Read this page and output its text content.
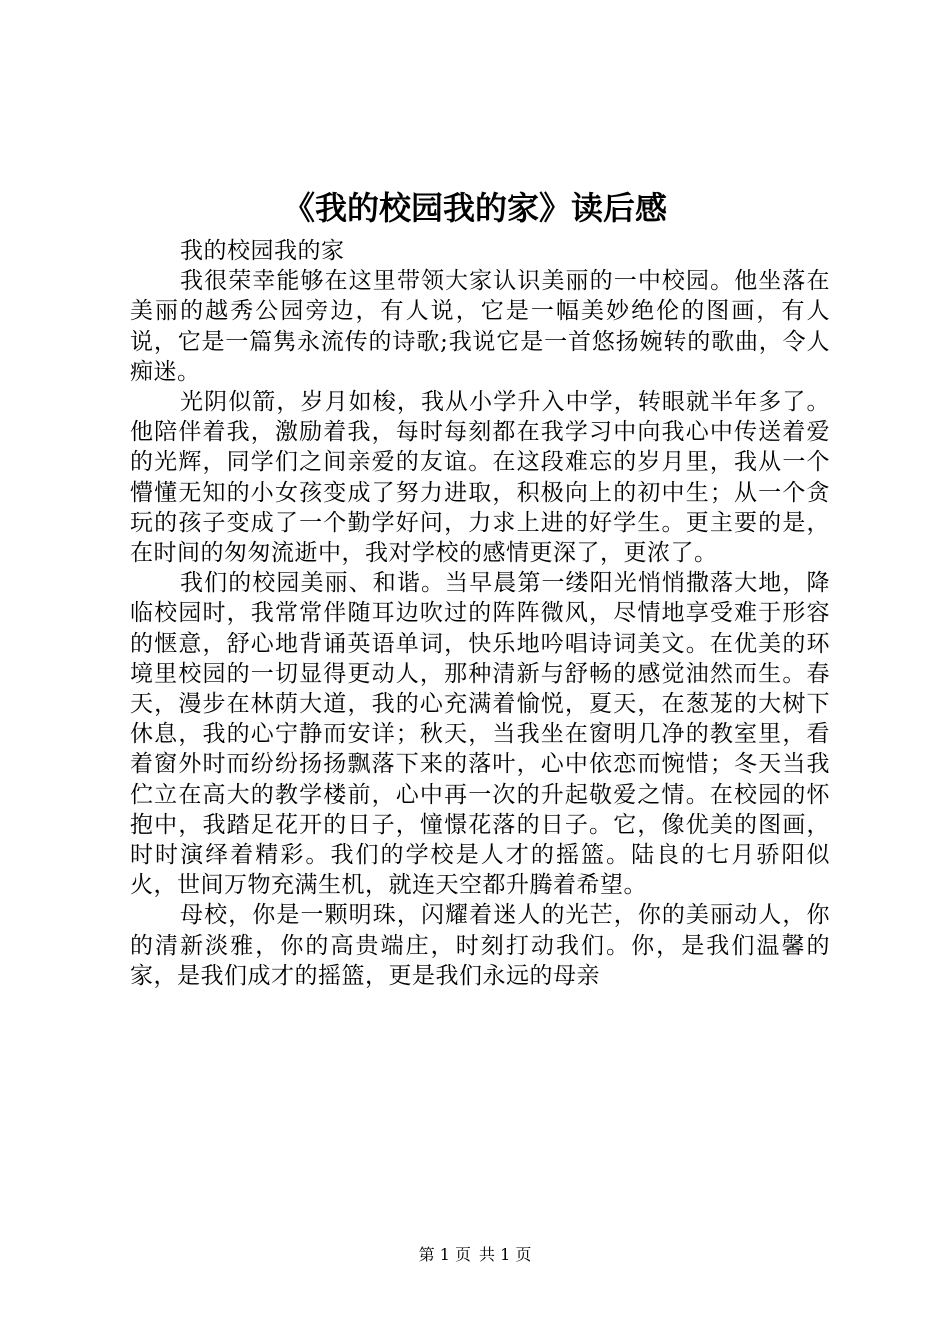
《我的校园我的家》读后感

我的校园我的家

我很荣幸能够在这里带领大家认识美丽的一中校园。他坐落在美丽的越秀公园旁边，有人说，它是一幅美妙绝伦的图画，有人说，它是一篇隽永流传的诗歌;我说它是一首悠扬婉转的歌曲，令人痴迷。

光阴似箭，岁月如梭，我从小学升入中学，转眼就半年多了。他陪伴着我，激励着我，每时每刻都在我学习中向我心中传送着爱的光辉，同学们之间亲爱的友谊。在这段难忘的岁月里，我从一个懵懂无知的小女孩变成了努力进取，积极向上的初中生；从一个贪玩的孩子变成了一个勤学好问，力求上进的好学生。更主要的是，在时间的匆匆流逝中，我对学校的感情更深了，更浓了。

我们的校园美丽、和谐。当早晨第一缕阳光悄悄撒落大地，降临校园时，我常常伴随耳边吹过的阵阵微风，尽情地享受难于形容的惬意，舒心地背诵英语单词，快乐地吟唱诗词美文。在优美的环境里校园的一切显得更动人，那种清新与舒畅的感觉油然而生。春天，漫步在林荫大道，我的心充满着愉悦，夏天，在葱茏的大树下休息，我的心宁静而安详；秋天，当我坐在窗明几净的教室里，看着窗外时而纷纷扬扬飘落下来的落叶，心中依恋而惋惜；冬天当我伫立在高大的教学楼前，心中再一次的升起敬爱之情。在校园的怀抱中，我踏足花开的日子，憧憬花落的日子。它，像优美的图画，时时演绎着精彩。我们的学校是人才的摇篮。陆良的七月骄阳似火，世间万物充满生机，就连天空都升腾着希望。

母校，你是一颗明珠，闪耀着迷人的光芒，你的美丽动人，你的清新淡雅，你的高贵端庄，时刻打动我们。你，是我们温馨的家，是我们成才的摇篮，更是我们永远的母亲

第 1 页 共 1 页
